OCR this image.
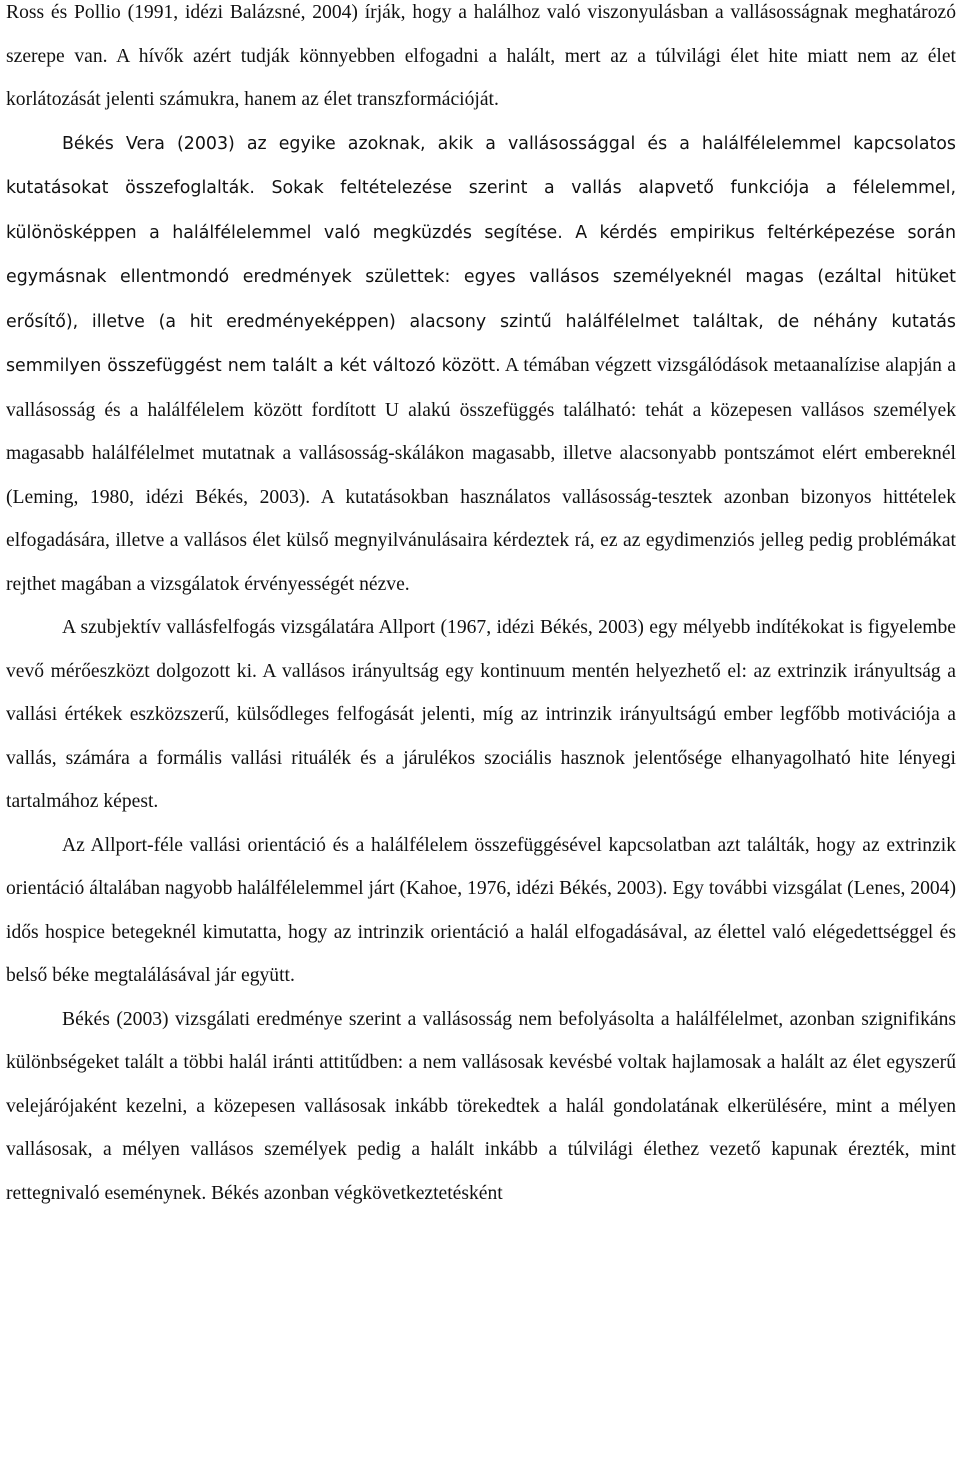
Ross és Pollio (1991, idézi Balázsné, 2004) írják, hogy a halálhoz való viszonyulásban a vallásosságnak meghatározó szerepe van. A hívők azért tudják könnyebben elfogadni a halált, mert az a túlvilági élet hite miatt nem az élet korlátozását jelenti számukra, hanem az élet transzformációját.

Békés Vera (2003) az egyike azoknak, akik a vallásossággal és a halálfélelemmel kapcsolatos kutatásokat összefoglalták. Sokak feltételezése szerint a vallás alapvető funkciója a félelemmel, különösképpen a halálfélelemmel való megküzdés segítése. A kérdés empirikus feltérképezése során egymásnak ellentmondó eredmények születtek: egyes vallásos személyeknél magas (ezáltal hitüket erősítő), illetve (a hit eredményeképpen) alacsony szintű halálfélelmet találtak, de néhány kutatás semmilyen összefüggést nem talált a két változó között. A témában végzett vizsgálódások metaanalízise alapján a vallásosság és a halálfélelem között fordított U alakú összefüggés található: tehát a közepesen vallásos személyek magasabb halálfélelmet mutatnak a vallásosság-skálákon magasabb, illetve alacsonyabb pontszámot elért embereknél (Leming, 1980, idézi Békés, 2003). A kutatásokban használatos vallásosság-tesztek azonban bizonyos hittételek elfogadására, illetve a vallásos élet külső megnyilvánulásaira kérdeztek rá, ez az egydimenziós jelleg pedig problémákat rejthet magában a vizsgálatok érvényességét nézve.

A szubjektív vallásfelfogás vizsgálatára Allport (1967, idézi Békés, 2003) egy mélyebb indítékokat is figyelembe vevő mérőeszközt dolgozott ki. A vallásos irányultság egy kontinuum mentén helyezhető el: az extrinzik irányultság a vallási értékek eszközszerű, külsődleges felfogását jelenti, míg az intrinzik irányultságú ember legfőbb motivációja a vallás, számára a formális vallási rituálék és a járulékos szociális hasznok jelentősége elhanyagolható hite lényegi tartalmához képest.

Az Allport-féle vallási orientáció és a halálfélelem összefüggésével kapcsolatban azt találták, hogy az extrinzik orientáció általában nagyobb halálfélelemmel járt (Kahoe, 1976, idézi Békés, 2003). Egy további vizsgálat (Lenes, 2004) idős hospice betegeknél kimutatta, hogy az intrinzik orientáció a halál elfogadásával, az élettel való elégedettséggel és belső béke megtalálásával jár együtt.

Békés (2003) vizsgálati eredménye szerint a vallásosság nem befolyásolta a halálfélelmet, azonban szignifikáns különbségeket talált a többi halál iránti attitűdben: a nem vallásosak kevésbé voltak hajlamosak a halált az élet egyszerű velejárójaként kezelni, a közepesen vallásosak inkább törekedtek a halál gondolatának elkerülésére, mint a mélyen vallásosak, a mélyen vallásos személyek pedig a halált inkább a túlvilági élethez vezető kapunak érezték, mint rettegnivaló eseménynek. Békés azonban végkövetkeztetésként
